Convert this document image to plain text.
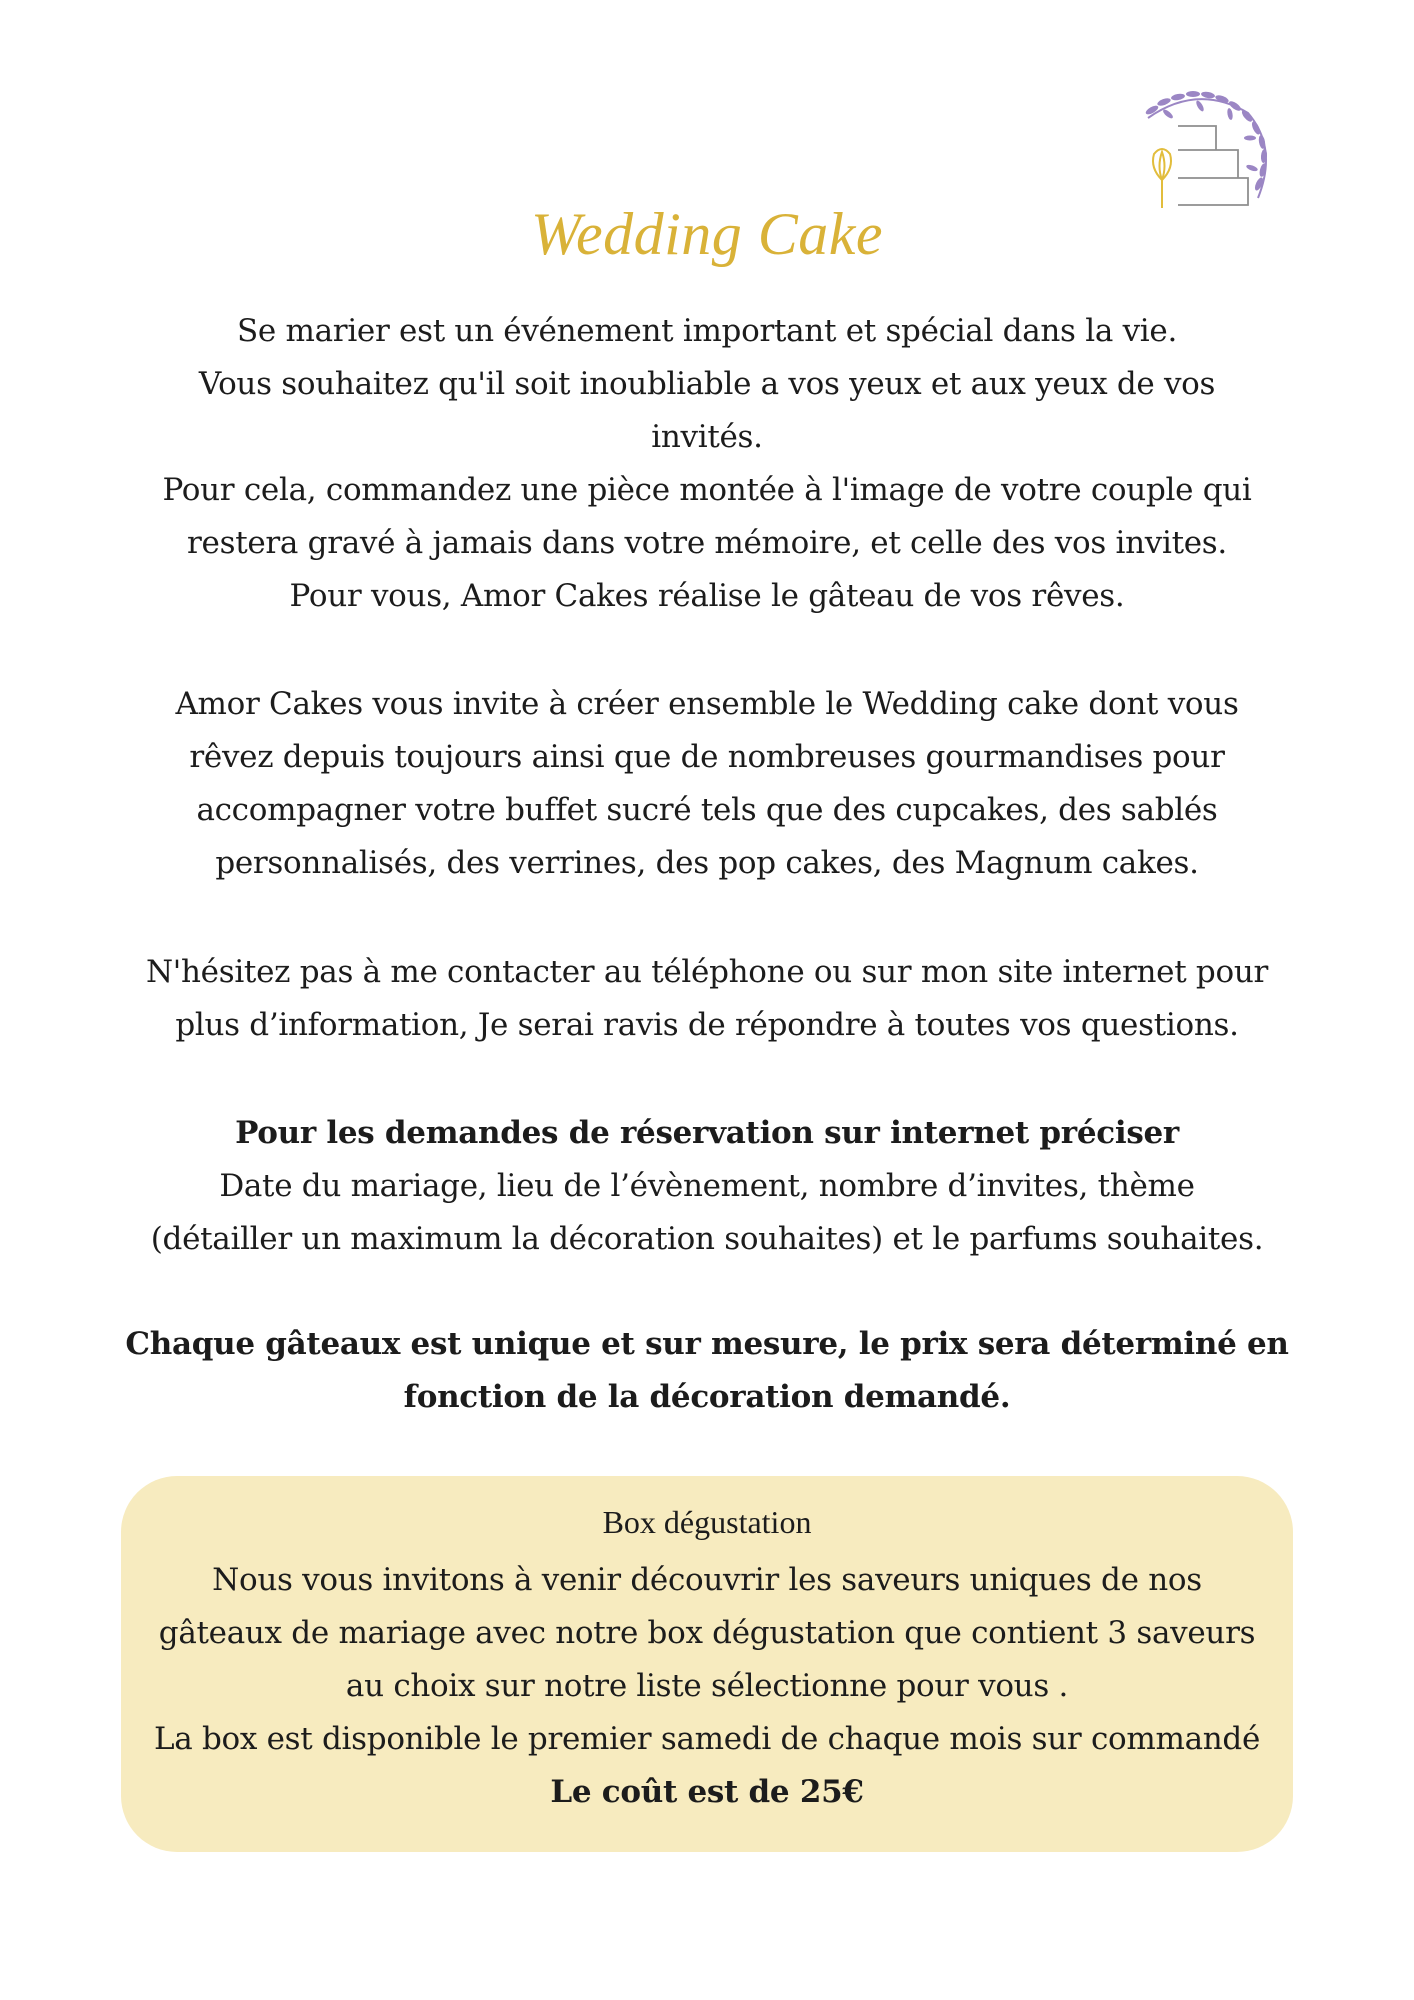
Wedding Cake
Se marier est un événement important et spécial dans la vie.
Vous souhaitez qu'il soit inoubliable a vos yeux et aux yeux de vos
invités.
Pour cela, commandez une pièce montée à l'image de votre couple qui
restera gravé à jamais dans votre mémoire, et celle des vos invites.
Pour vous, Amor Cakes réalise le gâteau de vos rêves.
Amor Cakes vous invite à créer ensemble le Wedding cake dont vous
rêvez depuis toujours ainsi que de nombreuses gourmandises pour
accompagner votre buffet sucré tels que des cupcakes, des sablés
personnalisés, des verrines, des pop cakes, des Magnum cakes.
N'hésitez pas à me contacter au téléphone ou sur mon site internet pour
plus d’information, Je serai ravis de répondre à toutes vos questions.
Pour les demandes de réservation sur internet préciser
Date du mariage, lieu de l’évènement, nombre d’invites, thème
(détailler un maximum la décoration souhaites) et le parfums souhaites.
Chaque gâteaux est unique et sur mesure, le prix sera déterminé en
fonction de la décoration demandé.
Box dégustation
Nous vous invitons à venir découvrir les saveurs uniques de nos
gâteaux de mariage avec notre box dégustation que contient 3 saveurs
au choix sur notre liste sélectionne pour vous .
La box est disponible le premier samedi de chaque mois sur commandé
Le coût est de 25€
